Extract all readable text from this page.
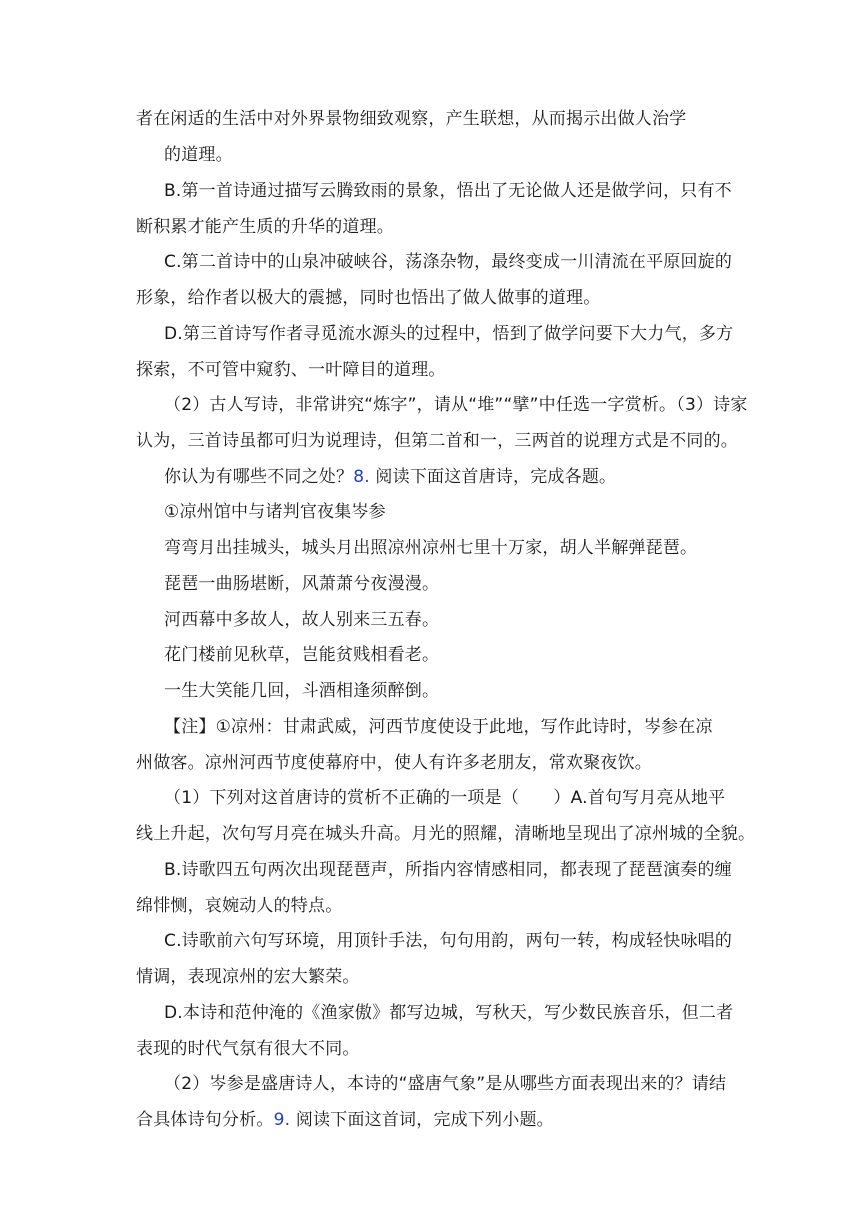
者在闲适的生活中对外界景物细致观察，产生联想，从而揭示出做人治学

的道理。

B.第一首诗通过描写云腾致雨的景象，悟出了无论做人还是做学问，只有不

断积累才能产生质的升华的道理。

C.第二首诗中的山泉冲破峡谷，荡涤杂物，最终变成一川清流在平原回旋的

形象，给作者以极大的震撼，同时也悟出了做人做事的道理。

D.第三首诗写作者寻觅流水源头的过程中，悟到了做学问要下大力气，多方

探索，不可管中窥豹、一叶障目的道理。

（2）古人写诗，非常讲究“炼字”，请从“堆”“擘”中任选一字赏析。（3）诗家

认为，三首诗虽都可归为说理诗，但第二首和一，三两首的说理方式是不同的。

你认为有哪些不同之处？8. 阅读下面这首唐诗，完成各题。

①凉州馆中与诸判官夜集岑参

弯弯月出挂城头，城头月出照凉州凉州七里十万家，胡人半解弹琵琶。

琵琶一曲肠堪断，风萧萧兮夜漫漫。

河西幕中多故人，故人别来三五春。

花门楼前见秋草，岂能贫贱相看老。

一生大笑能几回，斗酒相逢须醉倒。

【注】①凉州：甘肃武威，河西节度使设于此地，写作此诗时，岑参在凉

州做客。凉州河西节度使幕府中，使人有许多老朋友，常欢聚夜饮。

（1）下列对这首唐诗的赏析不正确的一项是（　　）A.首句写月亮从地平

线上升起，次句写月亮在城头升高。月光的照耀，清晰地呈现出了凉州城的全貌。

B.诗歌四五句两次出现琵琶声，所指内容情感相同，都表现了琵琶演奏的缠

绵悱恻，哀婉动人的特点。

C.诗歌前六句写环境，用顶针手法，句句用韵，两句一转，构成轻快咏唱的

情调，表现凉州的宏大繁荣。

D.本诗和范仲淹的《渔家傲》都写边城，写秋天，写少数民族音乐，但二者

表现的时代气氛有很大不同。

（2）岑参是盛唐诗人，本诗的“盛唐气象”是从哪些方面表现出来的？请结

合具体诗句分析。9. 阅读下面这首词，完成下列小题。
